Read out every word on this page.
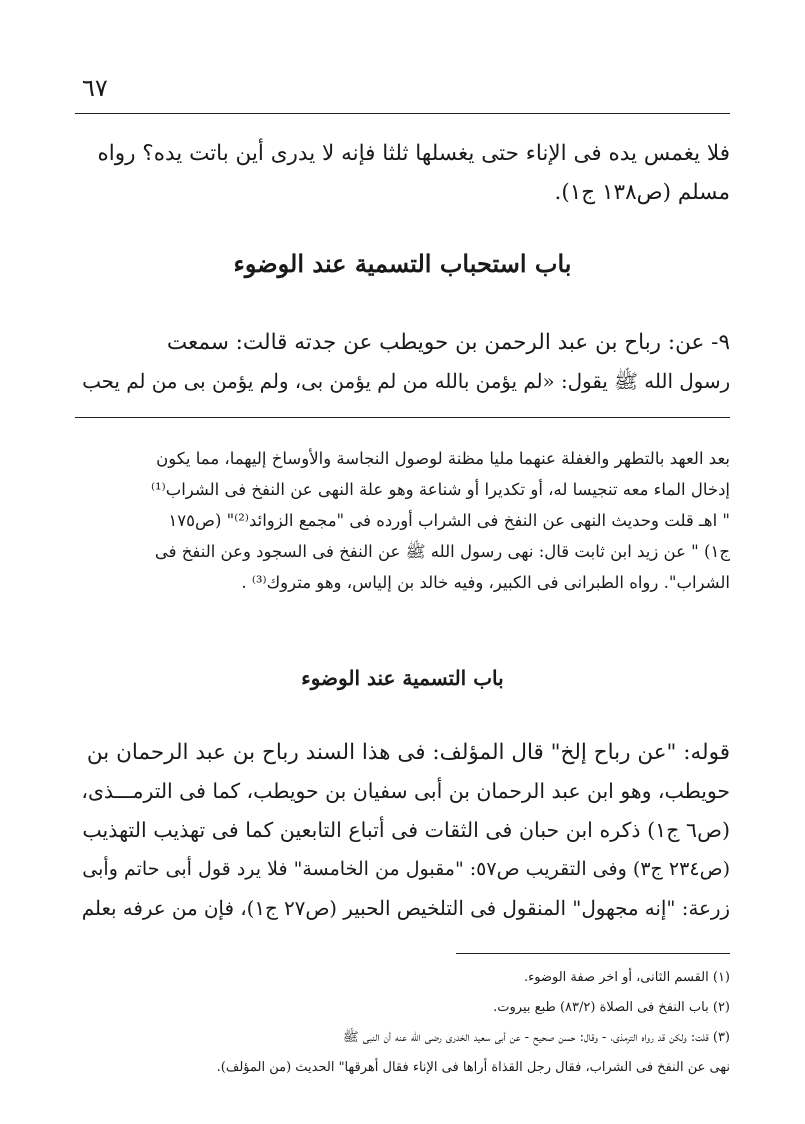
٦٧
فلا يغمس يده فى الإناء حتى يغسلها ثلثا فإنه لا يدرى أين باتت يده؟ رواه
مسلم (ص١٣٨ ج١).
باب استحباب التسمية عند الوضوء
٩- عن: رباح بن عبد الرحمن بن حويطب عن جدته قالت: سمعت
رسول الله ﷺ يقول: «لم يؤمن بالله من لم يؤمن بى، ولم يؤمن بى من لم يحب
بعد العهد بالتطهر والغفلة عنهما مليا مظنة لوصول النجاسة والأوساخ إليهما، مما يكون
إدخال الماء معه تنجيسا له، أو تكديرا أو شناعة وهو علة النهى عن النفخ فى الشراب⁽¹⁾
" اهـ قلت وحديث النهى عن النفخ فى الشراب أورده فى "مجمع الزوائد⁽²⁾" (ص١٧٥
ج١) " عن زيد ابن ثابت قال: نهى رسول الله ﷺ عن النفخ فى السجود وعن النفخ فى
الشراب". رواه الطبرانى فى الكبير، وفيه خالد بن إلياس، وهو متروك⁽³⁾ .
باب التسمية عند الوضوء
قوله: "عن رباح إلخ" قال المؤلف: فى هذا السند رباح بن عبد الرحمان بن
حويطب، وهو ابن عبد الرحمان بن أبى سفيان بن حويطب، كما فى الترمـــذى،
(ص٦ ج١) ذكره ابن حبان فى الثقات فى أتباع التابعين كما فى تهذيب التهذيب
(ص٢٣٤ ج٣) وفى التقريب ص٥٧: "مقبول من الخامسة" فلا يرد قول أبى حاتم وأبى
زرعة: "إنه مجهول" المنقول فى التلخيص الحبير (ص٢٧ ج١)، فإن من عرفه بعلم
(١) القسم الثانى، أو اخر صفة الوضوء.
(٢) باب النفخ فى الصلاة (٨٣/٢) طبع بيروت.
(٣) قلت: ولكن قد رواه الترمذى، - وقال: حسن صحيح - عن أبى سعيد الخدرى رضى الله عنه أن النبى ﷺ
نهى عن النفخ فى الشراب، فقال رجل القذاة أراها فى الإناء فقال أهرقها" الحديث (من المؤلف).
